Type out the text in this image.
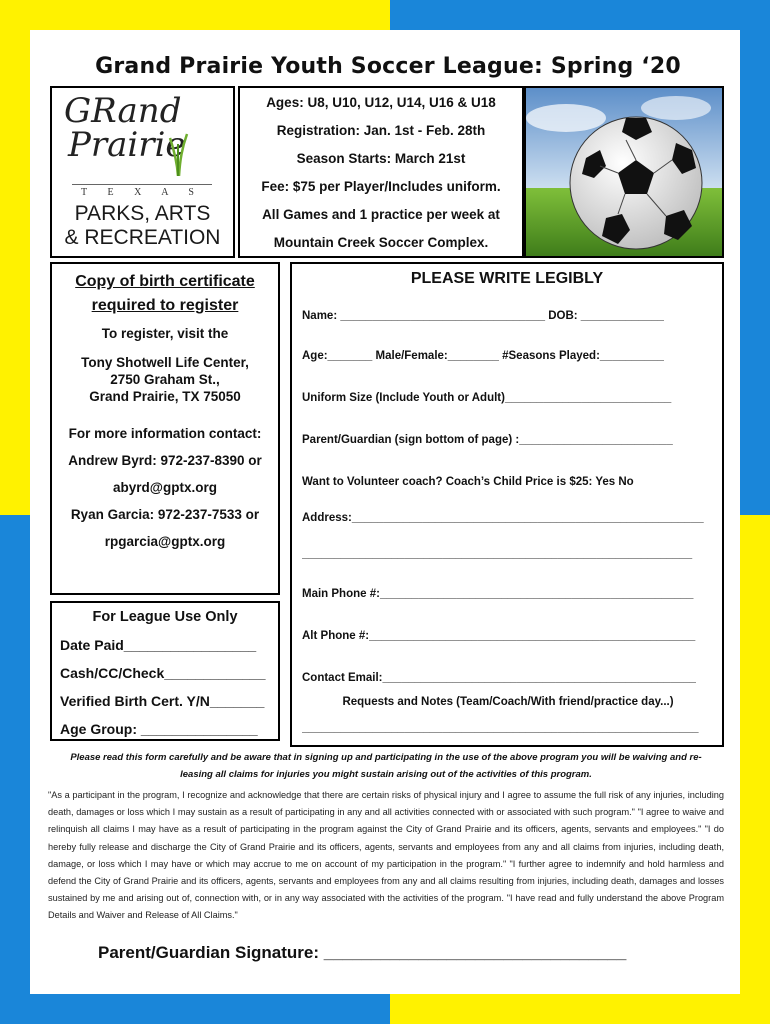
Grand Prairie Youth Soccer League: Spring ‘20
GRand
Prairie
T E X A S
PARKS, ARTS
& RECREATION
Ages: U8, U10, U12, U14, U16 & U18
Registration: Jan. 1st - Feb. 28th
Season Starts: March 21st
Fee: $75 per Player/Includes uniform.
All Games and 1 practice per week at
Mountain Creek Soccer Complex.
Copy of birth certificate
required to register
To register, visit the
Tony Shotwell Life Center,
2750 Graham St.,
Grand Prairie, TX 75050
For more information contact:
Andrew Byrd: 972-237-8390 or
abyrd@gptx.org
Ryan Garcia: 972-237-7533 or
rpgarcia@gptx.org
For League Use Only
Date Paid_________________
Cash/CC/Check_____________
Verified Birth Cert. Y/N_______
Age Group: _______________
PLEASE WRITE LEGIBLY
Name: ________________________________ DOB: _____________
Age:_______ Male/Female:________ #Seasons Played:__________
Uniform Size (Include Youth or Adult)__________________________
Parent/Guardian (sign bottom of page) :________________________
Want to Volunteer coach? Coach’s Child Price is $25: Yes No
Address:_______________________________________________________
_____________________________________________________________
Main Phone #:_________________________________________________
Alt Phone #:___________________________________________________
Contact Email:_________________________________________________
Requests and Notes (Team/Coach/With friend/practice day...)
______________________________________________________________
Please read this form carefully and be aware that in signing up and participating in the use of the above program you will be waiving and re-
leasing all claims for injuries you might sustain arising out of the activities of this program.
"As a participant in the program, I recognize and acknowledge that there are certain risks of physical injury and I agree to assume the full risk of any injuries, including death, damages or loss which I may sustain as a result of participating in any and all activities connected with or associated with such program." "I agree to waive and relinquish all claims I may have as a result of participating in the program against the City of Grand Prairie and its officers, agents, servants and employees." "I do hereby fully release and discharge the City of Grand Prairie and its officers, agents, servants and employees from any and all claims from injuries, including death, damage, or loss which I may have or which may accrue to me on account of my participation in the program." "I further agree to indemnify and hold harmless and defend the City of Grand Prairie and its officers, agents, servants and employees from any and all claims resulting from injuries, including death, damages and losses sustained by me and arising out of, connection with, or in any way associated with the activities of the program. "I have read and fully understand the above Program Details and Waiver and Release of All Claims."
Parent/Guardian Signature: ________________________________
